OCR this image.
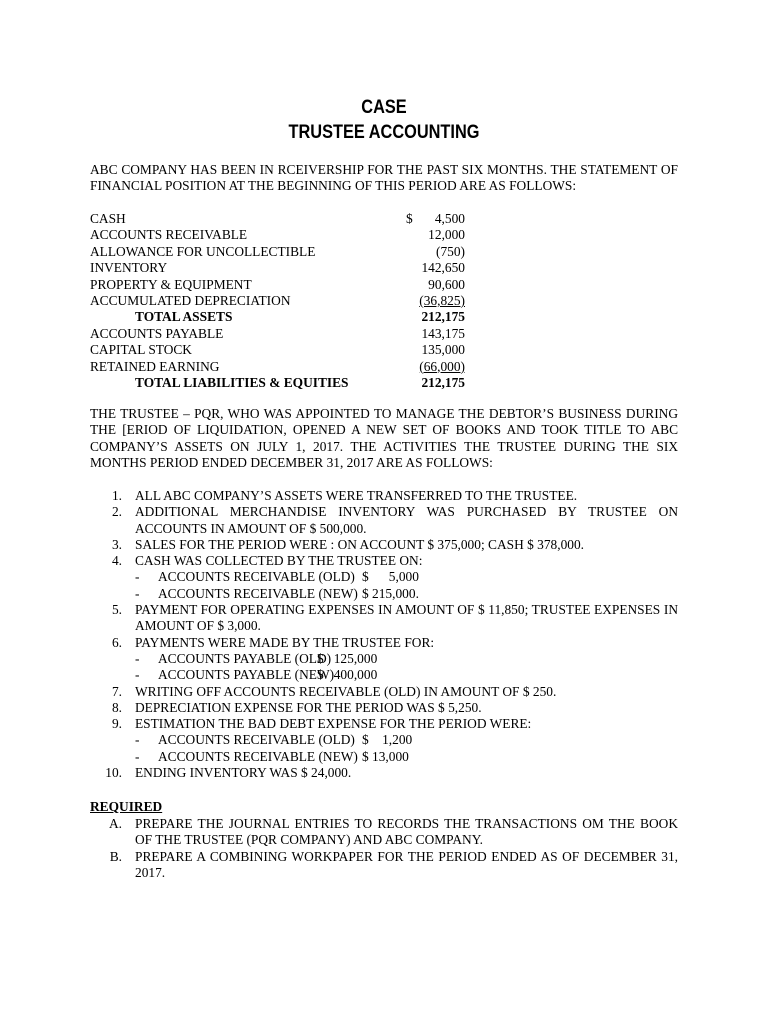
CASE
TRUSTEE ACCOUNTING
ABC COMPANY HAS BEEN IN RCEIVERSHIP FOR THE PAST SIX MONTHS. THE STATEMENT OF FINANCIAL POSITION AT THE BEGINNING OF THIS PERIOD ARE AS FOLLOWS:
CASH	$ 4,500
ACCOUNTS RECEIVABLE	12,000
ALLOWANCE FOR UNCOLLECTIBLE	(750)
INVENTORY	142,650
PROPERTY & EQUIPMENT	90,600
ACCUMULATED DEPRECIATION	(36,825)
TOTAL ASSETS	212,175
ACCOUNTS PAYABLE	143,175
CAPITAL STOCK	135,000
RETAINED EARNING	(66,000)
TOTAL LIABILITIES & EQUITIES	212,175
THE TRUSTEE – PQR, WHO WAS APPOINTED TO MANAGE THE DEBTOR’S BUSINESS DURING THE [ERIOD OF LIQUIDATION, OPENED A NEW SET OF BOOKS AND TOOK TITLE TO ABC COMPANY’S ASSETS ON JULY 1, 2017. THE ACTIVITIES THE TRUSTEE DURING THE SIX MONTHS PERIOD ENDED DECEMBER 31, 2017 ARE AS FOLLOWS:
1. ALL ABC COMPANY’S ASSETS WERE TRANSFERRED TO THE TRUSTEE.
2. ADDITIONAL MERCHANDISE INVENTORY WAS PURCHASED BY TRUSTEE ON ACCOUNTS IN AMOUNT OF $ 500,000.
3. SALES FOR THE PERIOD WERE : ON ACCOUNT $ 375,000; CASH $ 378,000.
4. CASH WAS COLLECTED BY THE TRUSTEE ON:
- ACCOUNTS RECEIVABLE (OLD) $      5,000
- ACCOUNTS RECEIVABLE (NEW) $ 215,000.
5. PAYMENT FOR OPERATING EXPENSES IN AMOUNT OF $ 11,850; TRUSTEE EXPENSES IN AMOUNT OF $ 3,000.
6. PAYMENTS WERE MADE BY THE TRUSTEE FOR:
- ACCOUNTS PAYABLE (OLD)
$   125,000
- ACCOUNTS PAYABLE (NEW)
$   400,000
7. WRITING OFF ACCOUNTS RECEIVABLE (OLD) IN AMOUNT OF $ 250.
8. DEPRECIATION EXPENSE FOR THE PERIOD WAS $ 5,250.
9. ESTIMATION THE BAD DEBT EXPENSE FOR THE PERIOD WERE:
- ACCOUNTS RECEIVABLE (OLD) $    1,200
- ACCOUNTS RECEIVABLE (NEW) $ 13,000
10. ENDING INVENTORY WAS $ 24,000.
REQUIRED
A. PREPARE THE JOURNAL ENTRIES TO RECORDS THE TRANSACTIONS OM THE BOOK OF THE TRUSTEE (PQR COMPANY) AND ABC COMPANY.
B. PREPARE A COMBINING WORKPAPER FOR THE PERIOD ENDED AS OF DECEMBER 31, 2017.
